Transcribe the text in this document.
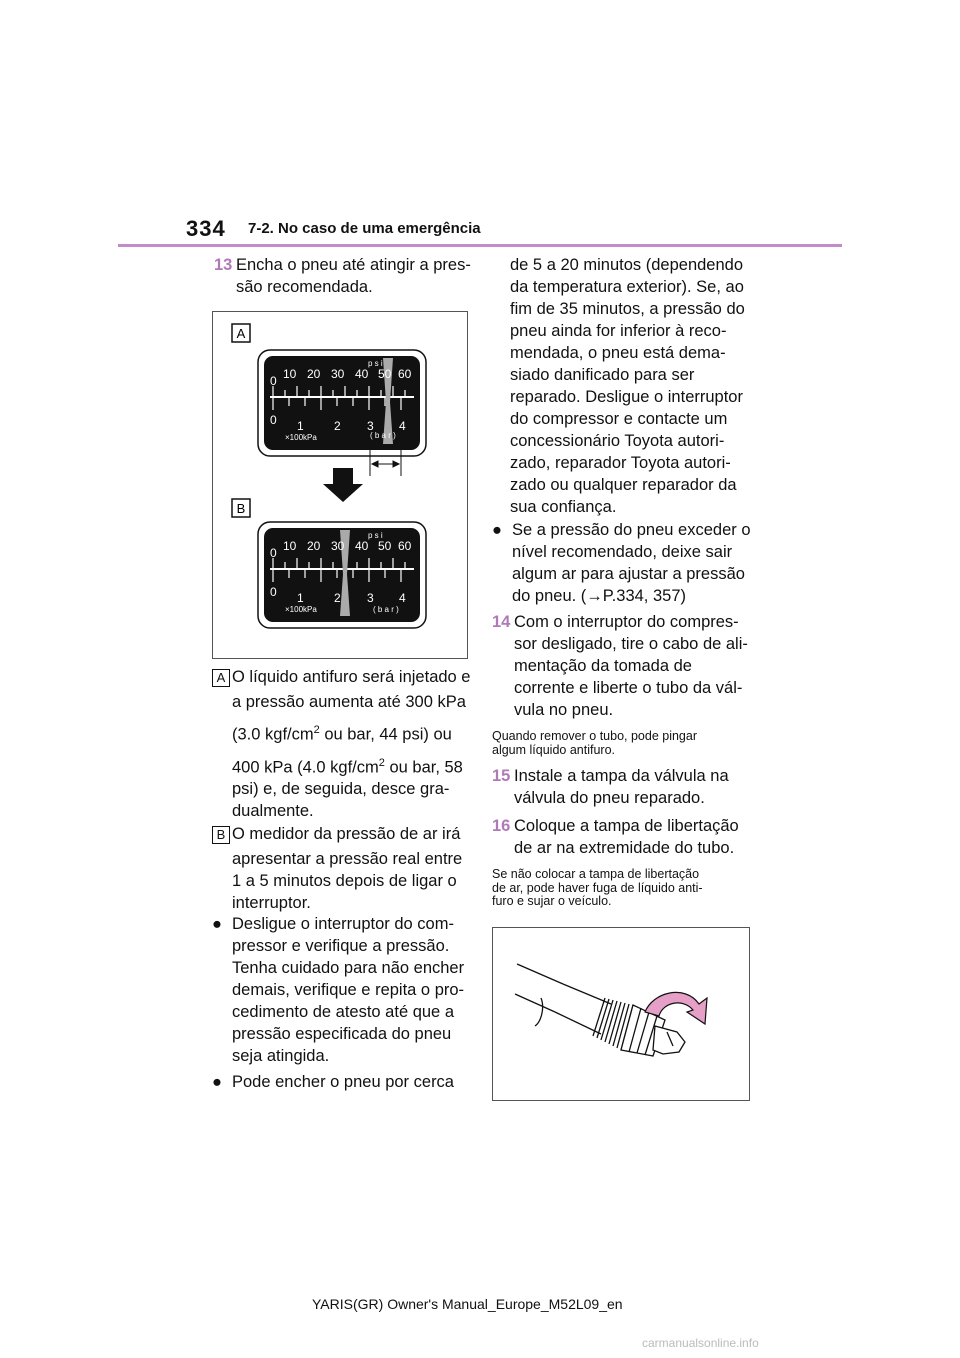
334 7-2. No caso de uma emergência
13 Encha o pneu até atingir a pres-
são recomendada.
A
0 10 20 30 40 50 60
0 1	2 3 4
p s i
×100kPa	( b a r )
B
0 10 20 30 40 50 60
0 1	2 3 4
p s i
×100kPa	( b a r )
A O líquido antifuro será injetado e
a pressão aumenta até 300 kPa
(3.0 kgf/$cm^2$ ou bar, 44 psi) ou
400 kPa (4.0 kgf/$cm^2$ ou bar, 58
psi) e, de seguida, desce gra-
dualmente.
B O medidor da pressão de ar irá
apresentar a pressão real entre
1 a 5 minutos depois de ligar o
interruptor.
● Desligue o interruptor do com-
pressor e verifique a pressão.
Tenha cuidado para não encher
demais, verifique e repita o pro-
cedimento de atesto até que a
pressão especificada do pneu
seja atingida.
● Pode encher o pneu por cerca
de 5 a 20 minutos (dependendo
da temperatura exterior). Se, ao
fim de 35 minutos, a pressão do
pneu ainda for inferior à reco-
mendada, o pneu está dema-
siado danificado para ser
reparado. Desligue o interruptor
do compressor e contacte um
concessionário Toyota autori-
zado, reparador Toyota autori-
zado ou qualquer reparador da
sua confiança.
● Se a pressão do pneu exceder o
nível recomendado, deixe sair
algum ar para ajustar a pressão
do pneu. (→P.334, 357)
14 Com o interruptor do compres-
sor desligado, tire o cabo de ali-
mentação da tomada de
corrente e liberte o tubo da vál-
vula no pneu.
Quando remover o tubo, pode pingar
algum líquido antifuro.
15 Instale a tampa da válvula na
válvula do pneu reparado.
16 Coloque a tampa de libertação
de ar na extremidade do tubo.
Se não colocar a tampa de libertação
de ar, pode haver fuga de líquido anti-
furo e sujar o veículo.
YARIS(GR) Owner's Manual_Europe_M52L09_en
carmanualsonline.info
